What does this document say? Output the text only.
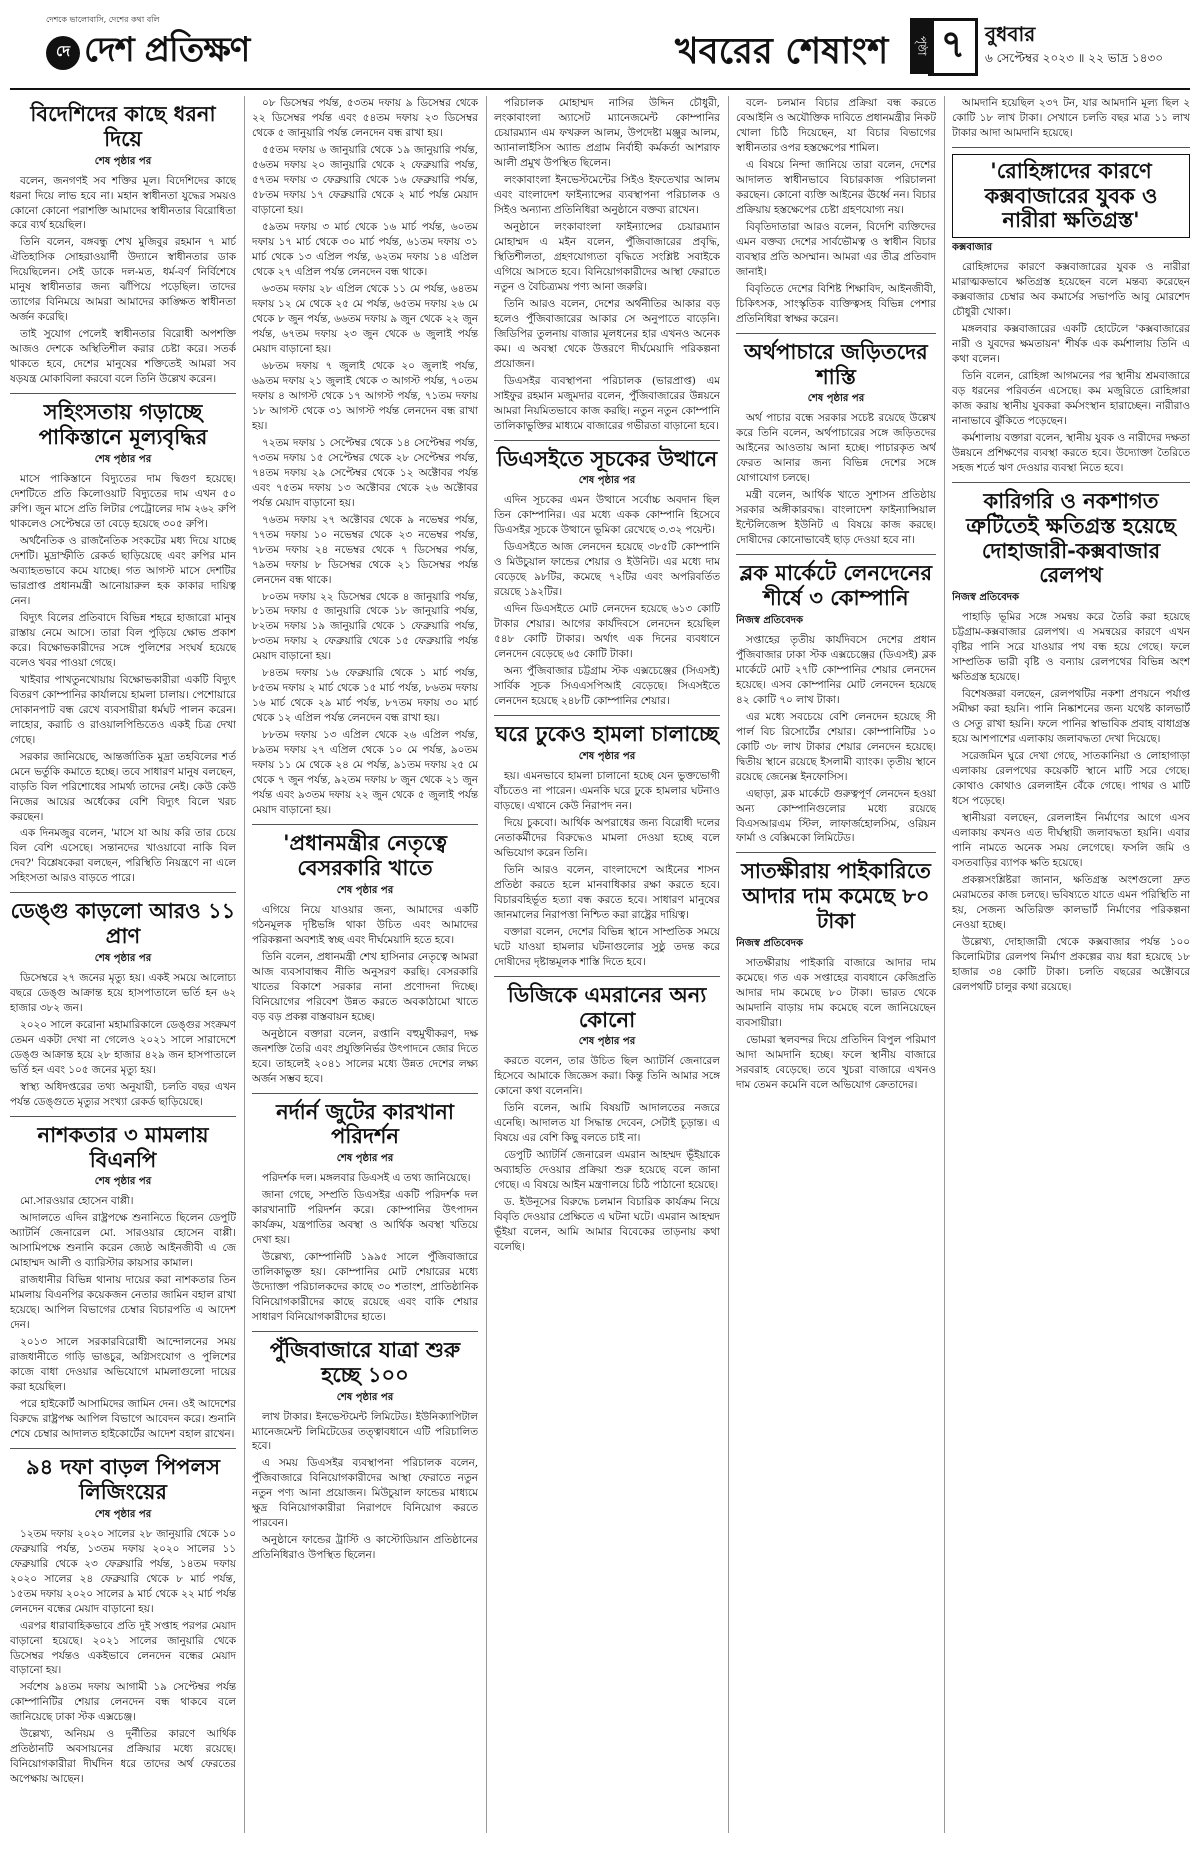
দেশকে ভালোবাসি, দেশের কথা বলি
দে দেশ প্রতিক্ষণ	খবরের শেষাংশ	পৃষ্ঠা ৭ বুধবার
৬ সেপ্টেম্বর ২০২৩ ॥ ২২ ভাদ্র ১৪৩০
বিদেশিদের কাছে ধরনা দিয়ে
শেষ পৃষ্ঠার পর

বলেন, জনগণই সব শক্তির মূল। বিদেশিদের কাছে ধরনা দিয়ে লাভ হবে না। মহান স্বাধীনতা যুদ্ধের সময়ও কোনো কোনো পরাশক্তি আমাদের স্বাধীনতার বিরোধিতা করে ব্যর্থ হয়েছিল।

তিনি বলেন, বঙ্গবন্ধু শেখ মুজিবুর রহমান ৭ মার্চ ঐতিহাসিক সোহরাওয়ার্দী উদ্যানে স্বাধীনতার ডাক দিয়েছিলেন। সেই ডাকে দল-মত, ধর্ম-বর্ণ নির্বিশেষে মানুষ স্বাধীনতার জন্য ঝাঁপিয়ে পড়েছিল। তাদের ত্যাগের বিনিময়ে আমরা আমাদের কাঙ্ক্ষিত স্বাধীনতা অর্জন করেছি।

তাই সুযোগ পেলেই স্বাধীনতার বিরোধী অপশক্তি আজও দেশকে অস্থিতিশীল করার চেষ্টা করে। সতর্ক থাকতে হবে, দেশের মানুষের শক্তিতেই আমরা সব ষড়যন্ত্র মোকাবিলা করবো বলে তিনি উল্লেখ করেন।

সহিংসতায় গড়াচ্ছে পাকিস্তানে মূল্যবৃদ্ধির
শেষ পৃষ্ঠার পর

মাসে পাকিস্তানে বিদ্যুতের দাম দ্বিগুণ হয়েছে। দেশটিতে প্রতি কিলোওয়াট বিদ্যুতের দাম এখন ৫০ রুপি। জুন মাসে প্রতি লিটার পেট্রোলের দাম ২৬২ রুপি থাকলেও সেপ্টেম্বরে তা বেড়ে হয়েছে ৩০৫ রুপি।

অর্থনৈতিক ও রাজনৈতিক সংকটের মধ্য দিয়ে যাচ্ছে দেশটি। মুদ্রাস্ফীতি রেকর্ড ছাড়িয়েছে এবং রুপির মান অব্যাহতভাবে কমে যাচ্ছে। গত আগস্ট মাসে দেশটির ভারপ্রাপ্ত প্রধানমন্ত্রী আনোয়ারুল হক কাকার দায়িত্ব নেন।

বিদ্যুৎ বিলের প্রতিবাদে বিভিন্ন শহরে হাজারো মানুষ রাস্তায় নেমে আসে। তারা বিল পুড়িয়ে ক্ষোভ প্রকাশ করে। বিক্ষোভকারীদের সঙ্গে পুলিশের সংঘর্ষ হয়েছে বলেও খবর পাওয়া গেছে।

খাইবার পাখতুনখোয়ায় বিক্ষোভকারীরা একটি বিদ্যুৎ বিতরণ কোম্পানির কার্যালয়ে হামলা চালায়। পেশোয়ারে দোকানপাট বন্ধ রেখে ব্যবসায়ীরা ধর্মঘট পালন করেন। লাহোর, করাচি ও রাওয়ালপিন্ডিতেও একই চিত্র দেখা গেছে।

সরকার জানিয়েছে, আন্তর্জাতিক মুদ্রা তহবিলের শর্ত মেনে ভর্তুকি কমাতে হচ্ছে। তবে সাধারণ মানুষ বলছেন, বাড়তি বিল পরিশোধের সামর্থ্য তাদের নেই। কেউ কেউ নিজের আয়ের অর্ধেকের বেশি বিদ্যুৎ বিলে খরচ করছেন।

এক দিনমজুর বলেন, 'মাসে যা আয় করি তার চেয়ে বিল বেশি এসেছে। সন্তানদের খাওয়াবো নাকি বিল দেব?' বিশ্লেষকেরা বলছেন, পরিস্থিতি নিয়ন্ত্রণে না এলে সহিংসতা আরও বাড়তে পারে।

ডেঙ্গু কাড়লো আরও ১১ প্রাণ
শেষ পৃষ্ঠার পর

ডিসেম্বরে ২৭ জনের মৃত্যু হয়। একই সময়ে আলোচ্য বছরে ডেঙ্গু আক্রান্ত হয়ে হাসপাতালে ভর্তি হন ৬২ হাজার ৩৮২ জন।

২০২০ সালে করোনা মহামারিকালে ডেঙ্গুর সংক্রমণ তেমন একটা দেখা না গেলেও ২০২১ সালে সারাদেশে ডেঙ্গু আক্রান্ত হয়ে ২৮ হাজার ৪২৯ জন হাসপাতালে ভর্তি হন এবং ১০৫ জনের মৃত্যু হয়।

স্বাস্থ্য অধিদপ্তরের তথ্য অনুযায়ী, চলতি বছর এখন পর্যন্ত ডেঙ্গুতে মৃত্যুর সংখ্যা রেকর্ড ছাড়িয়েছে।

নাশকতার ৩ মামলায় বিএনপি
শেষ পৃষ্ঠার পর

মো.সারওয়ার হোসেন বাপ্পী।

আদালতে এদিন রাষ্ট্রপক্ষে শুনানিতে ছিলেন ডেপুটি অ্যাটর্নি জেনারেল মো. সারওয়ার হোসেন বাপ্পী। আসামিপক্ষে শুনানি করেন জ্যেষ্ঠ আইনজীবী এ জে মোহাম্মদ আলী ও ব্যারিস্টার কায়সার কামাল।

রাজধানীর বিভিন্ন থানায় দায়ের করা নাশকতার তিন মামলায় বিএনপির কয়েকজন নেতার জামিন বহাল রাখা হয়েছে। আপিল বিভাগের চেম্বার বিচারপতি এ আদেশ দেন।

২০১৩ সালে সরকারবিরোধী আন্দোলনের সময় রাজধানীতে গাড়ি ভাঙচুর, অগ্নিসংযোগ ও পুলিশের কাজে বাধা দেওয়ার অভিযোগে মামলাগুলো দায়ের করা হয়েছিল।

পরে হাইকোর্ট আসামিদের জামিন দেন। ওই আদেশের বিরুদ্ধে রাষ্ট্রপক্ষ আপিল বিভাগে আবেদন করে। শুনানি শেষে চেম্বার আদালত হাইকোর্টের আদেশ বহাল রাখেন।

৯৪ দফা বাড়ল পিপলস লিজিংয়ের
শেষ পৃষ্ঠার পর

১২তম দফায় ২০২০ সালের ২৮ জানুয়ারি থেকে ১০ ফেব্রুয়ারি পর্যন্ত, ১৩তম দফায় ২০২০ সালের ১১ ফেব্রুয়ারি থেকে ২৩ ফেব্রুয়ারি পর্যন্ত, ১৪তম দফায় ২০২০ সালের ২৪ ফেব্রুয়ারি থেকে ৮ মার্চ পর্যন্ত, ১৫তম দফায় ২০২০ সালের ৯ মার্চ থেকে ২২ মার্চ পর্যন্ত লেনদেন বন্ধের মেয়াদ বাড়ানো হয়।

এরপর ধারাবাহিকভাবে প্রতি দুই সপ্তাহ পরপর মেয়াদ বাড়ানো হয়েছে। ২০২১ সালের জানুয়ারি থেকে ডিসেম্বর পর্যন্তও একইভাবে লেনদেন বন্ধের মেয়াদ বাড়ানো হয়।

সর্বশেষ ৯৪তম দফায় আগামী ১৯ সেপ্টেম্বর পর্যন্ত কোম্পানিটির শেয়ার লেনদেন বন্ধ থাকবে বলে জানিয়েছে ঢাকা স্টক এক্সচেঞ্জ।

উল্লেখ্য, অনিয়ম ও দুর্নীতির কারণে আর্থিক প্রতিষ্ঠানটি অবসায়নের প্রক্রিয়ার মধ্যে রয়েছে। বিনিয়োগকারীরা দীর্ঘদিন ধরে তাদের অর্থ ফেরতের অপেক্ষায় আছেন।

০৮ ডিসেম্বর পর্যন্ত, ৫৩তম দফায় ৯ ডিসেম্বর থেকে ২২ ডিসেম্বর পর্যন্ত এবং ৫৪তম দফায় ২৩ ডিসেম্বর থেকে ৫ জানুয়ারি পর্যন্ত লেনদেন বন্ধ রাখা হয়।

৫৫তম দফায় ৬ জানুয়ারি থেকে ১৯ জানুয়ারি পর্যন্ত, ৫৬তম দফায় ২০ জানুয়ারি থেকে ২ ফেব্রুয়ারি পর্যন্ত, ৫৭তম দফায় ৩ ফেব্রুয়ারি থেকে ১৬ ফেব্রুয়ারি পর্যন্ত, ৫৮তম দফায় ১৭ ফেব্রুয়ারি থেকে ২ মার্চ পর্যন্ত মেয়াদ বাড়ানো হয়।

৫৯তম দফায় ৩ মার্চ থেকে ১৬ মার্চ পর্যন্ত, ৬০তম দফায় ১৭ মার্চ থেকে ৩০ মার্চ পর্যন্ত, ৬১তম দফায় ৩১ মার্চ থেকে ১৩ এপ্রিল পর্যন্ত, ৬২তম দফায় ১৪ এপ্রিল থেকে ২৭ এপ্রিল পর্যন্ত লেনদেন বন্ধ থাকে।

৬৩তম দফায় ২৮ এপ্রিল থেকে ১১ মে পর্যন্ত, ৬৪তম দফায় ১২ মে থেকে ২৫ মে পর্যন্ত, ৬৫তম দফায় ২৬ মে থেকে ৮ জুন পর্যন্ত, ৬৬তম দফায় ৯ জুন থেকে ২২ জুন পর্যন্ত, ৬৭তম দফায় ২৩ জুন থেকে ৬ জুলাই পর্যন্ত মেয়াদ বাড়ানো হয়।

৬৮তম দফায় ৭ জুলাই থেকে ২০ জুলাই পর্যন্ত, ৬৯তম দফায় ২১ জুলাই থেকে ৩ আগস্ট পর্যন্ত, ৭০তম দফায় ৪ আগস্ট থেকে ১৭ আগস্ট পর্যন্ত, ৭১তম দফায় ১৮ আগস্ট থেকে ৩১ আগস্ট পর্যন্ত লেনদেন বন্ধ রাখা হয়।

৭২তম দফায় ১ সেপ্টেম্বর থেকে ১৪ সেপ্টেম্বর পর্যন্ত, ৭৩তম দফায় ১৫ সেপ্টেম্বর থেকে ২৮ সেপ্টেম্বর পর্যন্ত, ৭৪তম দফায় ২৯ সেপ্টেম্বর থেকে ১২ অক্টোবর পর্যন্ত এবং ৭৫তম দফায় ১৩ অক্টোবর থেকে ২৬ অক্টোবর পর্যন্ত মেয়াদ বাড়ানো হয়।

৭৬তম দফায় ২৭ অক্টোবর থেকে ৯ নভেম্বর পর্যন্ত, ৭৭তম দফায় ১০ নভেম্বর থেকে ২৩ নভেম্বর পর্যন্ত, ৭৮তম দফায় ২৪ নভেম্বর থেকে ৭ ডিসেম্বর পর্যন্ত, ৭৯তম দফায় ৮ ডিসেম্বর থেকে ২১ ডিসেম্বর পর্যন্ত লেনদেন বন্ধ থাকে।

৮০তম দফায় ২২ ডিসেম্বর থেকে ৪ জানুয়ারি পর্যন্ত, ৮১তম দফায় ৫ জানুয়ারি থেকে ১৮ জানুয়ারি পর্যন্ত, ৮২তম দফায় ১৯ জানুয়ারি থেকে ১ ফেব্রুয়ারি পর্যন্ত, ৮৩তম দফায় ২ ফেব্রুয়ারি থেকে ১৫ ফেব্রুয়ারি পর্যন্ত মেয়াদ বাড়ানো হয়।

৮৪তম দফায় ১৬ ফেব্রুয়ারি থেকে ১ মার্চ পর্যন্ত, ৮৫তম দফায় ২ মার্চ থেকে ১৫ মার্চ পর্যন্ত, ৮৬তম দফায় ১৬ মার্চ থেকে ২৯ মার্চ পর্যন্ত, ৮৭তম দফায় ৩০ মার্চ থেকে ১২ এপ্রিল পর্যন্ত লেনদেন বন্ধ রাখা হয়।

৮৮তম দফায় ১৩ এপ্রিল থেকে ২৬ এপ্রিল পর্যন্ত, ৮৯তম দফায় ২৭ এপ্রিল থেকে ১০ মে পর্যন্ত, ৯০তম দফায় ১১ মে থেকে ২৪ মে পর্যন্ত, ৯১তম দফায় ২৫ মে থেকে ৭ জুন পর্যন্ত, ৯২তম দফায় ৮ জুন থেকে ২১ জুন পর্যন্ত এবং ৯৩তম দফায় ২২ জুন থেকে ৫ জুলাই পর্যন্ত মেয়াদ বাড়ানো হয়।

'প্রধানমন্ত্রীর নেতৃত্বে বেসরকারি খাতে
শেষ পৃষ্ঠার পর

এগিয়ে নিয়ে যাওয়ার জন্য, আমাদের একটি গঠনমূলক দৃষ্টিভঙ্গি থাকা উচিত এবং আমাদের পরিকল্পনা অবশ্যই স্বচ্ছ এবং দীর্ঘমেয়াদি হতে হবে।

তিনি বলেন, প্রধানমন্ত্রী শেখ হাসিনার নেতৃত্বে আমরা আজ ব্যবসাবান্ধব নীতি অনুসরণ করছি। বেসরকারি খাতের বিকাশে সরকার নানা প্রণোদনা দিচ্ছে। বিনিয়োগের পরিবেশ উন্নত করতে অবকাঠামো খাতে বড় বড় প্রকল্প বাস্তবায়ন হচ্ছে।

অনুষ্ঠানে বক্তারা বলেন, রপ্তানি বহুমুখীকরণ, দক্ষ জনশক্তি তৈরি এবং প্রযুক্তিনির্ভর উৎপাদনে জোর দিতে হবে। তাহলেই ২০৪১ সালের মধ্যে উন্নত দেশের লক্ষ্য অর্জন সম্ভব হবে।

নর্দার্ন জুটের কারখানা পরিদর্শন
শেষ পৃষ্ঠার পর

পরিদর্শক দল। মঙ্গলবার ডিএসই এ তথ্য জানিয়েছে।

জানা গেছে, সম্প্রতি ডিএসইর একটি পরিদর্শক দল কারখানাটি পরিদর্শন করে। কোম্পানির উৎপাদন কার্যক্রম, যন্ত্রপাতির অবস্থা ও আর্থিক অবস্থা খতিয়ে দেখা হয়।

উল্লেখ্য, কোম্পানিটি ১৯৯৫ সালে পুঁজিবাজারে তালিকাভুক্ত হয়। কোম্পানির মোট শেয়ারের মধ্যে উদ্যোক্তা পরিচালকদের কাছে ৩০ শতাংশ, প্রাতিষ্ঠানিক বিনিয়োগকারীদের কাছে রয়েছে এবং বাকি শেয়ার সাধারণ বিনিয়োগকারীদের হাতে।

পুঁজিবাজারে যাত্রা শুরু হচ্ছে ১০০
শেষ পৃষ্ঠার পর

লাখ টাকার। ইনভেস্টমেন্ট লিমিটেড। ইউনিক্যাপিটাল ম্যানেজমেন্ট লিমিটেডের তত্ত্বাবধানে এটি পরিচালিত হবে।

এ সময় ডিএসইর ব্যবস্থাপনা পরিচালক বলেন, পুঁজিবাজারে বিনিয়োগকারীদের আস্থা ফেরাতে নতুন নতুন পণ্য আনা প্রয়োজন। মিউচুয়াল ফান্ডের মাধ্যমে ক্ষুদ্র বিনিয়োগকারীরা নিরাপদে বিনিয়োগ করতে পারবেন।

অনুষ্ঠানে ফান্ডের ট্রাস্টি ও কাস্টোডিয়ান প্রতিষ্ঠানের প্রতিনিধিরাও উপস্থিত ছিলেন।

পরিচালক মোহাম্মদ নাসির উদ্দিন চৌধুরী, লংকাবাংলা অ্যাসেট ম্যানেজমেন্ট কোম্পানির চেয়ারম্যান এম ফখরুল আলম, উপদেষ্টা মঞ্জুর আলম, অ্যানালাইসিস অ্যান্ড প্রগ্রাম নির্বাহী কর্মকর্তা আশরাফ আলী প্রমুখ উপস্থিত ছিলেন।

লংকাবাংলা ইনভেস্টমেন্টের সিইও ইফতেখার আলম এবং বাংলাদেশ ফাইন্যান্সের ব্যবস্থাপনা পরিচালক ও সিইও অন্যান্য প্রতিনিধিরা অনুষ্ঠানে বক্তব্য রাখেন।

অনুষ্ঠানে লংকাবাংলা ফাইন্যান্সের চেয়ারম্যান মোহাম্মদ এ মইন বলেন, পুঁজিবাজারের প্রবৃদ্ধি, স্থিতিশীলতা, গ্রহণযোগ্যতা বৃদ্ধিতে সংশ্লিষ্ট সবাইকে এগিয়ে আসতে হবে। বিনিয়োগকারীদের আস্থা ফেরাতে নতুন ও বৈচিত্র্যময় পণ্য আনা জরুরি।

তিনি আরও বলেন, দেশের অর্থনীতির আকার বড় হলেও পুঁজিবাজারের আকার সে অনুপাতে বাড়েনি। জিডিপির তুলনায় বাজার মূলধনের হার এখনও অনেক কম। এ অবস্থা থেকে উত্তরণে দীর্ঘমেয়াদি পরিকল্পনা প্রয়োজন।

ডিএসইর ব্যবস্থাপনা পরিচালক (ভারপ্রাপ্ত) এম সাইফুর রহমান মজুমদার বলেন, পুঁজিবাজারের উন্নয়নে আমরা নিয়মিতভাবে কাজ করছি। নতুন নতুন কোম্পানি তালিকাভুক্তির মাধ্যমে বাজারের গভীরতা বাড়ানো হবে।

ডিএসইতে সূচকের উত্থানে
শেষ পৃষ্ঠার পর

এদিন সূচকের এমন উত্থানে সর্বোচ্চ অবদান ছিল তিন কোম্পানির। এর মধ্যে একক কোম্পানি হিসেবে ডিএসইর সূচকে উত্থানে ভূমিকা রেখেছে ৩.৩২ পয়েন্ট।

ডিএসইতে আজ লেনদেন হয়েছে ৩৮৫টি কোম্পানি ও মিউচুয়াল ফান্ডের শেয়ার ও ইউনিট। এর মধ্যে দাম বেড়েছে ৯৮টির, কমেছে ৭২টির এবং অপরিবর্তিত রয়েছে ১৯২টির।

এদিন ডিএসইতে মোট লেনদেন হয়েছে ৬১৩ কোটি টাকার শেয়ার। আগের কার্যদিবসে লেনদেন হয়েছিল ৫৪৮ কোটি টাকার। অর্থাৎ এক দিনের ব্যবধানে লেনদেন বেড়েছে ৬৫ কোটি টাকা।

অন্য পুঁজিবাজার চট্টগ্রাম স্টক এক্সচেঞ্জের (সিএসই) সার্বিক সূচক সিএএসপিআই বেড়েছে। সিএসইতে লেনদেন হয়েছে ২৪৮টি কোম্পানির শেয়ার।

ঘরে ঢুকেও হামলা চালাচ্ছে
শেষ পৃষ্ঠার পর

হয়। এমনভাবে হামলা চালানো হচ্ছে যেন ভুক্তভোগী বাঁচতেও না পারেন। এমনকি ঘরে ঢুকে হামলার ঘটনাও বাড়ছে। এখানে কেউ নিরাপদ নন।

দিয়ে চুকবো। আর্থিক অপরাধের জন্য বিরোধী দলের নেতাকর্মীদের বিরুদ্ধেও মামলা দেওয়া হচ্ছে বলে অভিযোগ করেন তিনি।

তিনি আরও বলেন, বাংলাদেশে আইনের শাসন প্রতিষ্ঠা করতে হলে মানবাধিকার রক্ষা করতে হবে। বিচারবহির্ভূত হত্যা বন্ধ করতে হবে। সাধারণ মানুষের জানমালের নিরাপত্তা নিশ্চিত করা রাষ্ট্রের দায়িত্ব।

বক্তারা বলেন, দেশের বিভিন্ন স্থানে সাম্প্রতিক সময়ে ঘটে যাওয়া হামলার ঘটনাগুলোর সুষ্ঠু তদন্ত করে দোষীদের দৃষ্টান্তমূলক শাস্তি দিতে হবে।

ডিজিকে এমরানের অন্য কোনো
শেষ পৃষ্ঠার পর

করতে বলেন, তার উচিত ছিল অ্যাটর্নি জেনারেল হিসেবে আমাকে জিজ্ঞেস করা। কিন্তু তিনি আমার সঙ্গে কোনো কথা বলেননি।

তিনি বলেন, আমি বিষয়টি আদালতের নজরে এনেছি। আদালত যা সিদ্ধান্ত দেবেন, সেটাই চূড়ান্ত। এ বিষয়ে এর বেশি কিছু বলতে চাই না।

ডেপুটি অ্যাটর্নি জেনারেল এমরান আহম্মদ ভূঁইয়াকে অব্যাহতি দেওয়ার প্রক্রিয়া শুরু হয়েছে বলে জানা গেছে। এ বিষয়ে আইন মন্ত্রণালয়ে চিঠি পাঠানো হয়েছে।

ড. ইউনূসের বিরুদ্ধে চলমান বিচারিক কার্যক্রম নিয়ে বিবৃতি দেওয়ার প্রেক্ষিতে এ ঘটনা ঘটে। এমরান আহম্মদ ভূঁইয়া বলেন, আমি আমার বিবেকের তাড়নায় কথা বলেছি।

বলে- চলমান বিচার প্রক্রিয়া বন্ধ করতে বেআইনি ও অযৌক্তিক দাবিতে প্রধানমন্ত্রীর নিকট খোলা চিঠি দিয়েছেন, যা বিচার বিভাগের স্বাধীনতার ওপর হস্তক্ষেপের শামিল।

এ বিষয়ে নিন্দা জানিয়ে তারা বলেন, দেশের আদালত স্বাধীনভাবে বিচারকাজ পরিচালনা করছেন। কোনো ব্যক্তি আইনের ঊর্ধ্বে নন। বিচার প্রক্রিয়ায় হস্তক্ষেপের চেষ্টা গ্রহণযোগ্য নয়।

বিবৃতিদাতারা আরও বলেন, বিদেশি ব্যক্তিদের এমন বক্তব্য দেশের সার্বভৌমত্ব ও স্বাধীন বিচার ব্যবস্থার প্রতি অসম্মান। আমরা এর তীব্র প্রতিবাদ জানাই।

বিবৃতিতে দেশের বিশিষ্ট শিক্ষাবিদ, আইনজীবী, চিকিৎসক, সাংস্কৃতিক ব্যক্তিত্বসহ বিভিন্ন পেশার প্রতিনিধিরা স্বাক্ষর করেন।

অর্থপাচারে জড়িতদের শাস্তি
শেষ পৃষ্ঠার পর

অর্থ পাচার বন্ধে সরকার সচেষ্ট রয়েছে উল্লেখ করে তিনি বলেন, অর্থপাচারের সঙ্গে জড়িতদের আইনের আওতায় আনা হচ্ছে। পাচারকৃত অর্থ ফেরত আনার জন্য বিভিন্ন দেশের সঙ্গে যোগাযোগ চলছে।

মন্ত্রী বলেন, আর্থিক খাতে সুশাসন প্রতিষ্ঠায় সরকার অঙ্গীকারবদ্ধ। বাংলাদেশ ফাইন্যান্সিয়াল ইন্টেলিজেন্স ইউনিট এ বিষয়ে কাজ করছে। দোষীদের কোনোভাবেই ছাড় দেওয়া হবে না।

ব্লক মার্কেটে লেনদেনের শীর্ষে ৩ কোম্পানি
নিজস্ব প্রতিবেদক

সপ্তাহের তৃতীয় কার্যদিবসে দেশের প্রধান পুঁজিবাজার ঢাকা স্টক এক্সচেঞ্জের (ডিএসই) ব্লক মার্কেটে মোট ২৭টি কোম্পানির শেয়ার লেনদেন হয়েছে। এসব কোম্পানির মোট লেনদেন হয়েছে ৪২ কোটি ৭০ লাখ টাকা।

এর মধ্যে সবচেয়ে বেশি লেনদেন হয়েছে সী পার্ল বিচ রিসোর্টের শেয়ার। কোম্পানিটির ১০ কোটি ৩৮ লাখ টাকার শেয়ার লেনদেন হয়েছে। দ্বিতীয় স্থানে রয়েছে ইসলামী ব্যাংক। তৃতীয় স্থানে রয়েছে জেনেক্স ইনফোসিস।

এছাড়া, ব্লক মার্কেটে গুরুত্বপূর্ণ লেনদেন হওয়া অন্য কোম্পানিগুলোর মধ্যে রয়েছে বিএসআরএম স্টিল, লাফার্জহোলসিম, ওরিয়ন ফার্মা ও বেক্সিমকো লিমিটেড।

সাতক্ষীরায় পাইকারিতে আদার দাম কমেছে ৮০ টাকা
নিজস্ব প্রতিবেদক

সাতক্ষীরায় পাইকারি বাজারে আদার দাম কমেছে। গত এক সপ্তাহের ব্যবধানে কেজিপ্রতি আদার দাম কমেছে ৮০ টাকা। ভারত থেকে আমদানি বাড়ায় দাম কমেছে বলে জানিয়েছেন ব্যবসায়ীরা।

ভোমরা স্থলবন্দর দিয়ে প্রতিদিন বিপুল পরিমাণ আদা আমদানি হচ্ছে। ফলে স্থানীয় বাজারে সরবরাহ বেড়েছে। তবে খুচরা বাজারে এখনও দাম তেমন কমেনি বলে অভিযোগ ক্রেতাদের।

আমদানি হয়েছিল ২৩৭ টন, যার আমদানি মূল্য ছিল ২ কোটি ১৮ লাখ টাকা। সেখানে চলতি বছর মাত্র ১১ লাখ টাকার আদা আমদানি হয়েছে।

'রোহিঙ্গাদের কারণে কক্সবাজারের যুবক ও নারীরা ক্ষতিগ্রস্ত'
কক্সবাজার

রোহিঙ্গাদের কারণে কক্সবাজারের যুবক ও নারীরা মারাত্মকভাবে ক্ষতিগ্রস্ত হয়েছেন বলে মন্তব্য করেছেন কক্সবাজার চেম্বার অব কমার্সের সভাপতি আবু মোরশেদ চৌধুরী খোকা।

মঙ্গলবার কক্সবাজারের একটি হোটেলে 'কক্সবাজারের নারী ও যুবদের ক্ষমতায়ন' শীর্ষক এক কর্মশালায় তিনি এ কথা বলেন।

তিনি বলেন, রোহিঙ্গা আগমনের পর স্থানীয় শ্রমবাজারে বড় ধরনের পরিবর্তন এসেছে। কম মজুরিতে রোহিঙ্গারা কাজ করায় স্থানীয় যুবকরা কর্মসংস্থান হারাচ্ছেন। নারীরাও নানাভাবে ঝুঁকিতে পড়েছেন।

কর্মশালায় বক্তারা বলেন, স্থানীয় যুবক ও নারীদের দক্ষতা উন্নয়নে প্রশিক্ষণের ব্যবস্থা করতে হবে। উদ্যোক্তা তৈরিতে সহজ শর্তে ঋণ দেওয়ার ব্যবস্থা নিতে হবে।

কারিগরি ও নকশাগত ত্রুটিতেই ক্ষতিগ্রস্ত হয়েছে দোহাজারী-কক্সবাজার রেলপথ
নিজস্ব প্রতিবেদক

পাহাড়ি ভূমির সঙ্গে সমন্বয় করে তৈরি করা হয়েছে চট্টগ্রাম-কক্সবাজার রেলপথ। এ সমন্বয়ের কারণে এখন বৃষ্টির পানি সরে যাওয়ার পথ বন্ধ হয়ে গেছে। ফলে সাম্প্রতিক ভারী বৃষ্টি ও বন্যায় রেলপথের বিভিন্ন অংশ ক্ষতিগ্রস্ত হয়েছে।

বিশেষজ্ঞরা বলছেন, রেলপথটির নকশা প্রণয়নে পর্যাপ্ত সমীক্ষা করা হয়নি। পানি নিষ্কাশনের জন্য যথেষ্ট কালভার্ট ও সেতু রাখা হয়নি। ফলে পানির স্বাভাবিক প্রবাহ বাধাগ্রস্ত হয়ে আশপাশের এলাকায় জলাবদ্ধতা দেখা দিয়েছে।

সরেজমিন ঘুরে দেখা গেছে, সাতকানিয়া ও লোহাগাড়া এলাকায় রেলপথের কয়েকটি স্থানে মাটি সরে গেছে। কোথাও কোথাও রেললাইন বেঁকে গেছে। পাথর ও মাটি ধসে পড়েছে।

স্থানীয়রা বলছেন, রেললাইন নির্মাণের আগে এসব এলাকায় কখনও এত দীর্ঘস্থায়ী জলাবদ্ধতা হয়নি। এবার পানি নামতে অনেক সময় লেগেছে। ফসলি জমি ও বসতবাড়ির ব্যাপক ক্ষতি হয়েছে।

প্রকল্পসংশ্লিষ্টরা জানান, ক্ষতিগ্রস্ত অংশগুলো দ্রুত মেরামতের কাজ চলছে। ভবিষ্যতে যাতে এমন পরিস্থিতি না হয়, সেজন্য অতিরিক্ত কালভার্ট নির্মাণের পরিকল্পনা নেওয়া হচ্ছে।

উল্লেখ্য, দোহাজারী থেকে কক্সবাজার পর্যন্ত ১০০ কিলোমিটার রেলপথ নির্মাণ প্রকল্পের ব্যয় ধরা হয়েছে ১৮ হাজার ৩৪ কোটি টাকা। চলতি বছরের অক্টোবরে রেলপথটি চালুর কথা রয়েছে।
